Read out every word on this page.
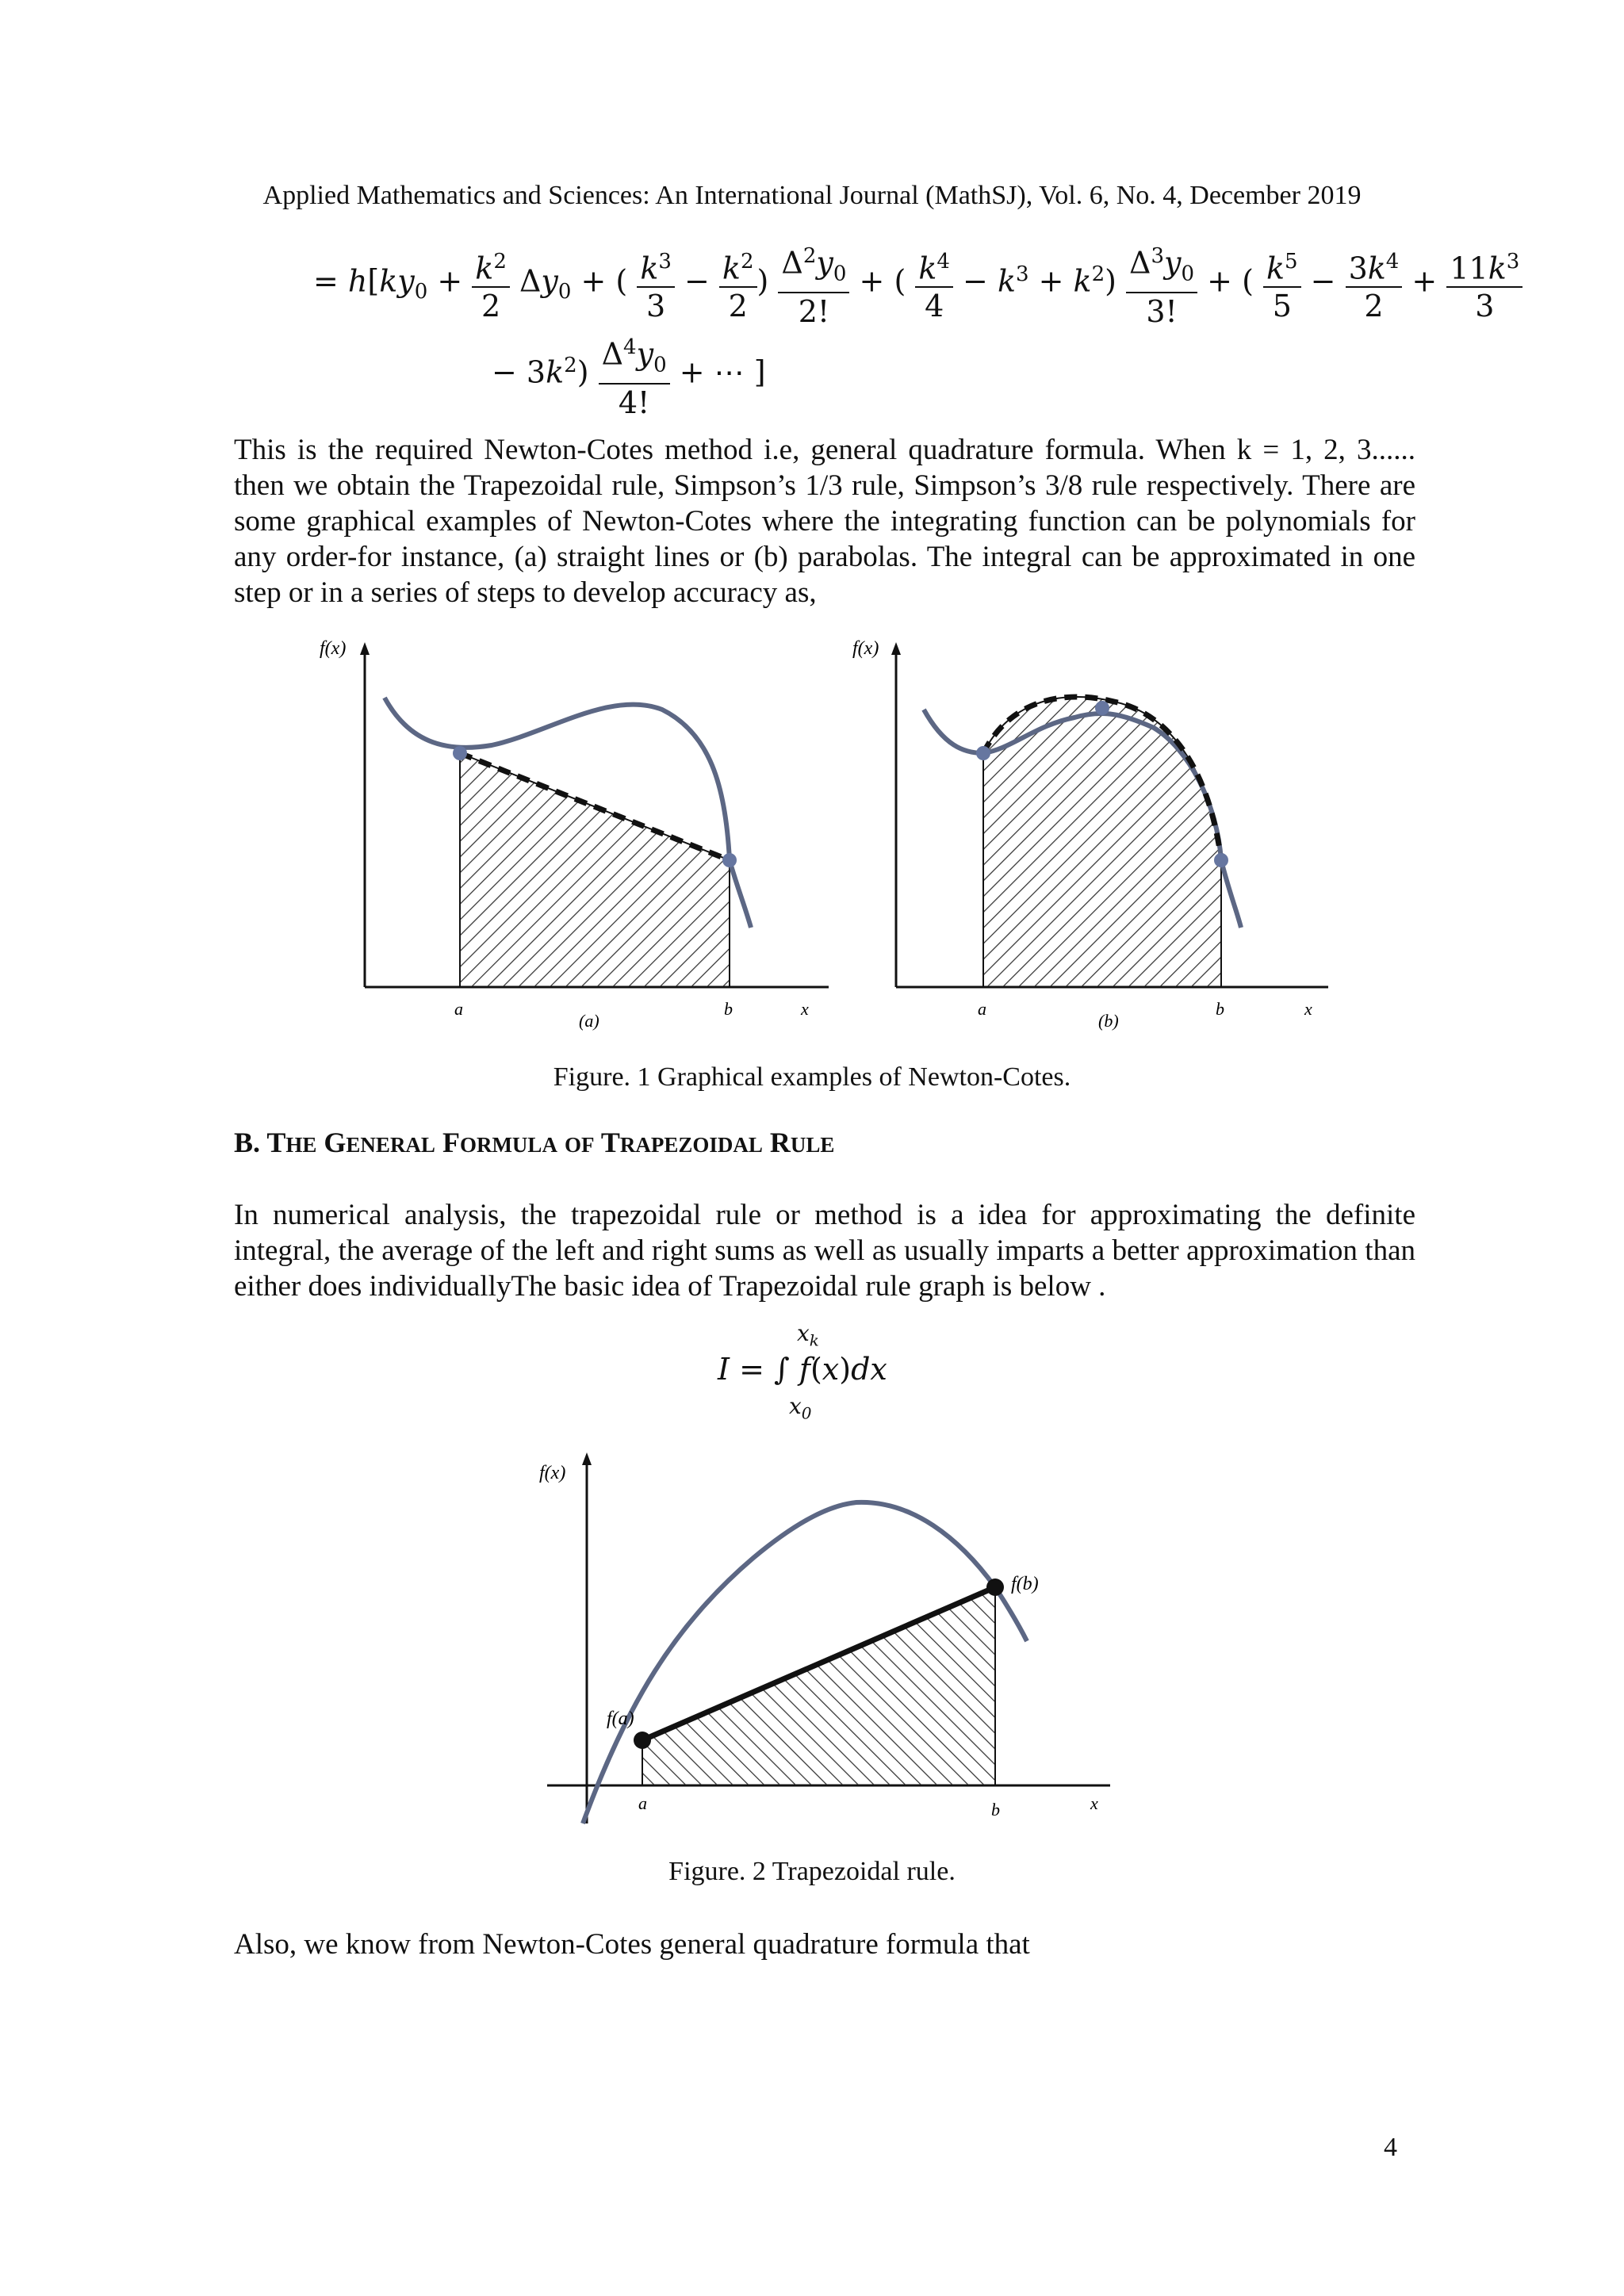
Applied Mathematics and Sciences: An International Journal (MathSJ), Vol. 6, No. 4, December 2019
= $h[ky_0 + \frac{k^2}{2} \Delta y_0$ + ( $\frac{k^3}{3} - \frac{k^2}{2}$ ) $\frac{\Delta^2y_0}{2!}$ + ( $\frac{k^4}{4} - k^3 + k^2) \frac{\Delta^3y_0}{3!}$ + ( $\frac{k^5}{5} - \frac{3k^4}{2} + \frac{11k^3}{3}$
− $3k^2) \frac{\Delta^4y_0}{4!}$ + ⋯ ]
This is the required Newton-Cotes method i.e, general quadrature formula. When k = 1, 2, 3...... then we obtain the Trapezoidal rule, Simpson’s 1/3 rule, Simpson’s 3/8 rule respectively. There are some graphical examples of Newton-Cotes where the integrating function can be polynomials for any order-for instance, (a) straight lines or (b) parabolas. The integral can be approximated in one step or in a series of steps to develop accuracy as,
f(x)
a	b	x
(a)
f(x)
a	b	x
(b)
Figure. 1 Graphical examples of Newton-Cotes.
B. THE GENERAL FORMULA OF TRAPEZOIDAL RULE
In numerical analysis, the trapezoidal rule or method is a idea for approximating the definite integral, the average of the left and right sums as well as usually imparts a better approximation than either does individuallyThe basic idea of Trapezoidal rule graph is below .
$x_k$
I = ∫ f(x)dx
$x_0$
f(x)
f(a)
f(b)
a	b	x
Figure. 2 Trapezoidal rule.
Also, we know from Newton-Cotes general quadrature formula that
4
